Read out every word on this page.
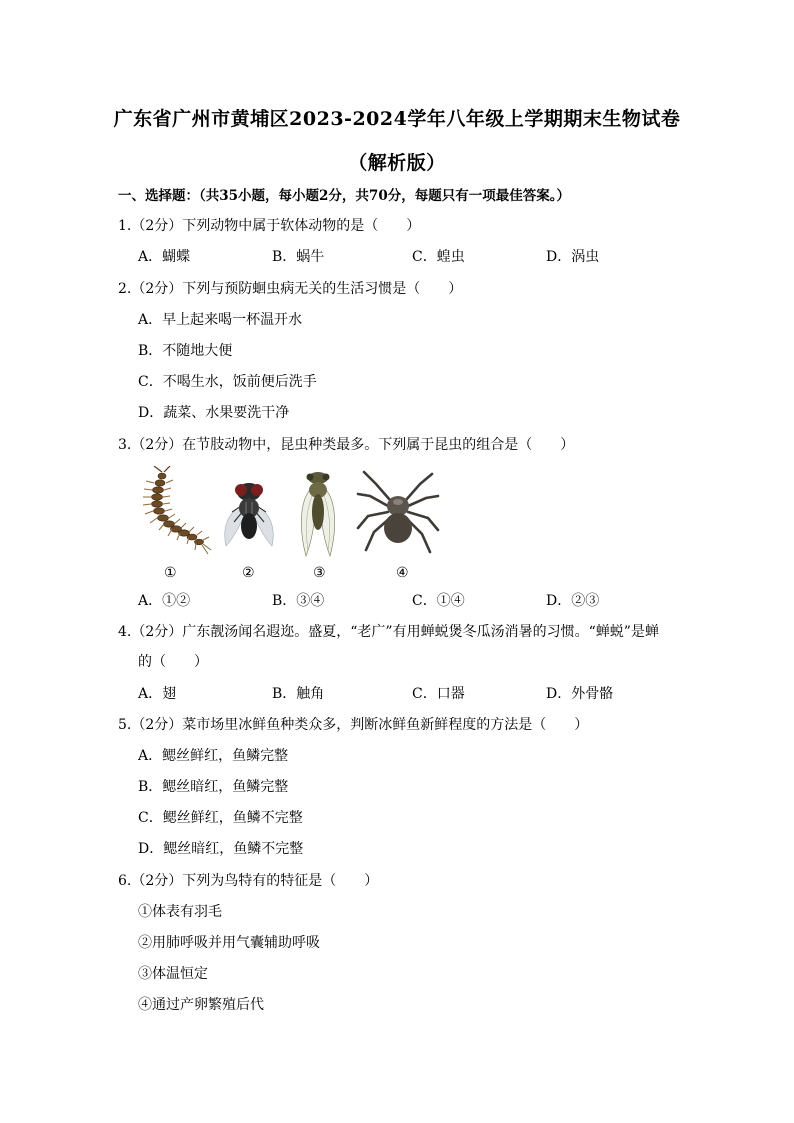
广东省广州市黄埔区2023-2024学年八年级上学期期末生物试卷
（解析版）
一、选择题：（共35小题，每小题2分，共70分，每题只有一项最佳答案。）
1.（2分）下列动物中属于软体动物的是（　　）
A．蝴蝶	B．蜗牛	C．蝗虫	D．涡虫
2.（2分）下列与预防蛔虫病无关的生活习惯是（　　）
A．早上起来喝一杯温开水
B．不随地大便
C．不喝生水，饭前便后洗手
D．蔬菜、水果要洗干净
3.（2分）在节肢动物中，昆虫种类最多。下列属于昆虫的组合是（　　）
①	②	③	④
A．①②	B．③④	C．①④	D．②③
4.（2分）广东靓汤闻名遐迩。盛夏，“老广”有用蝉蜕煲冬瓜汤消暑的习惯。“蝉蜕”是蝉
的（　　）
A．翅	B．触角	C．口器	D．外骨骼
5.（2分）菜市场里冰鲜鱼种类众多，判断冰鲜鱼新鲜程度的方法是（　　）
A．鳃丝鲜红，鱼鳞完整
B．鳃丝暗红，鱼鳞完整
C．鳃丝鲜红，鱼鳞不完整
D．鳃丝暗红，鱼鳞不完整
6.（2分）下列为鸟特有的特征是（　　）
①体表有羽毛
②用肺呼吸并用气囊辅助呼吸
③体温恒定
④通过产卵繁殖后代
